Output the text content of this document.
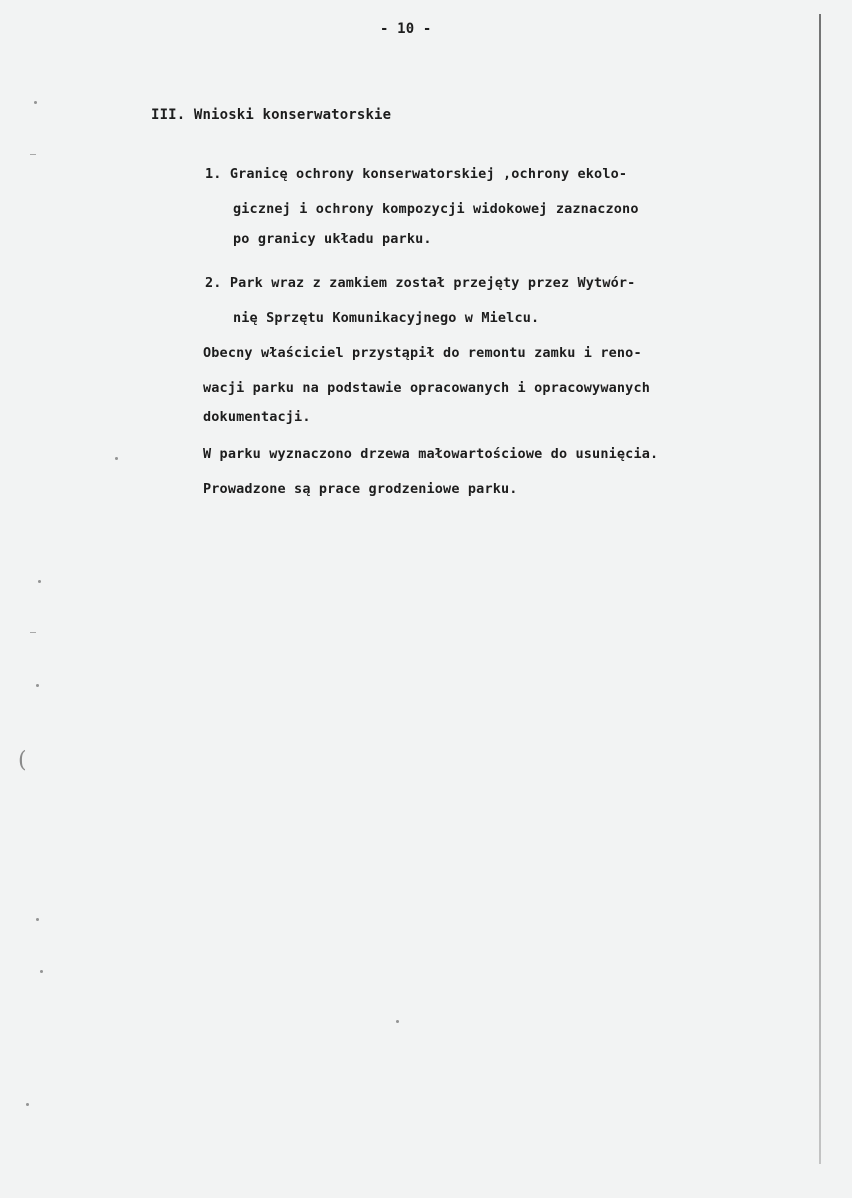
- 10 -
III. Wnioski konserwatorskie
1. Granicę ochrony konserwatorskiej ,ochrony ekolo-
gicznej i ochrony kompozycji widokowej zaznaczono
po granicy układu parku.
2. Park wraz z zamkiem został przejęty przez Wytwór-
nię Sprzętu Komunikacyjnego w Mielcu.
Obecny właściciel przystąpił do remontu zamku i reno-
wacji parku na podstawie opracowanych i opracowywanych
dokumentacji.
W parku wyznaczono drzewa małowartościowe do usunięcia.
Prowadzone są prace grodzeniowe parku.
(
